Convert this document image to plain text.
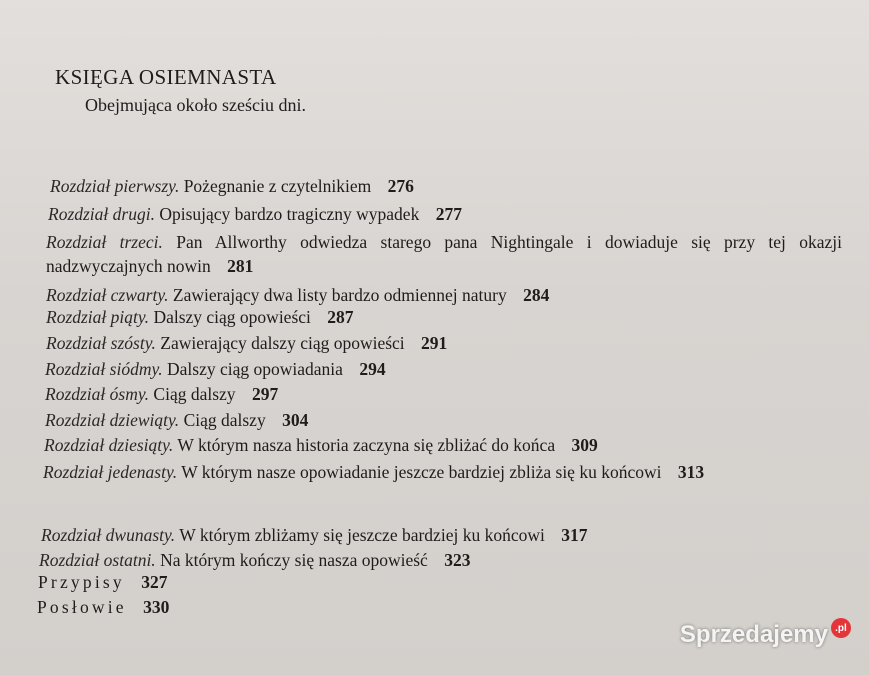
KSIĘGA OSIEMNASTA
Obejmująca około sześciu dni.
Rozdział pierwszy. Pożegnanie z czytelnikiem 276
Rozdział drugi. Opisujący bardzo tragiczny wypadek 277
Rozdział trzeci. Pan Allworthy odwiedza starego pana Nightingale i dowiaduje się przy tej okazji nadzwyczajnych nowin 281
Rozdział czwarty. Zawierający dwa listy bardzo odmiennej natury 284
Rozdział piąty. Dalszy ciąg opowieści 287
Rozdział szósty. Zawierający dalszy ciąg opowieści 291
Rozdział siódmy. Dalszy ciąg opowiadania 294
Rozdział ósmy. Ciąg dalszy 297
Rozdział dziewiąty. Ciąg dalszy 304
Rozdział dziesiąty. W którym nasza historia zaczyna się zbliżać do końca 309
Rozdział jedenasty. W którym nasze opowiadanie jeszcze bardziej zbliża się ku końcowi 313
Rozdział dwunasty. W którym zbliżamy się jeszcze bardziej ku końcowi 317
Rozdział ostatni. Na którym kończy się nasza opowieść 323
Przypisy 327
Posłowie 330
Sprzedajemy .pl
